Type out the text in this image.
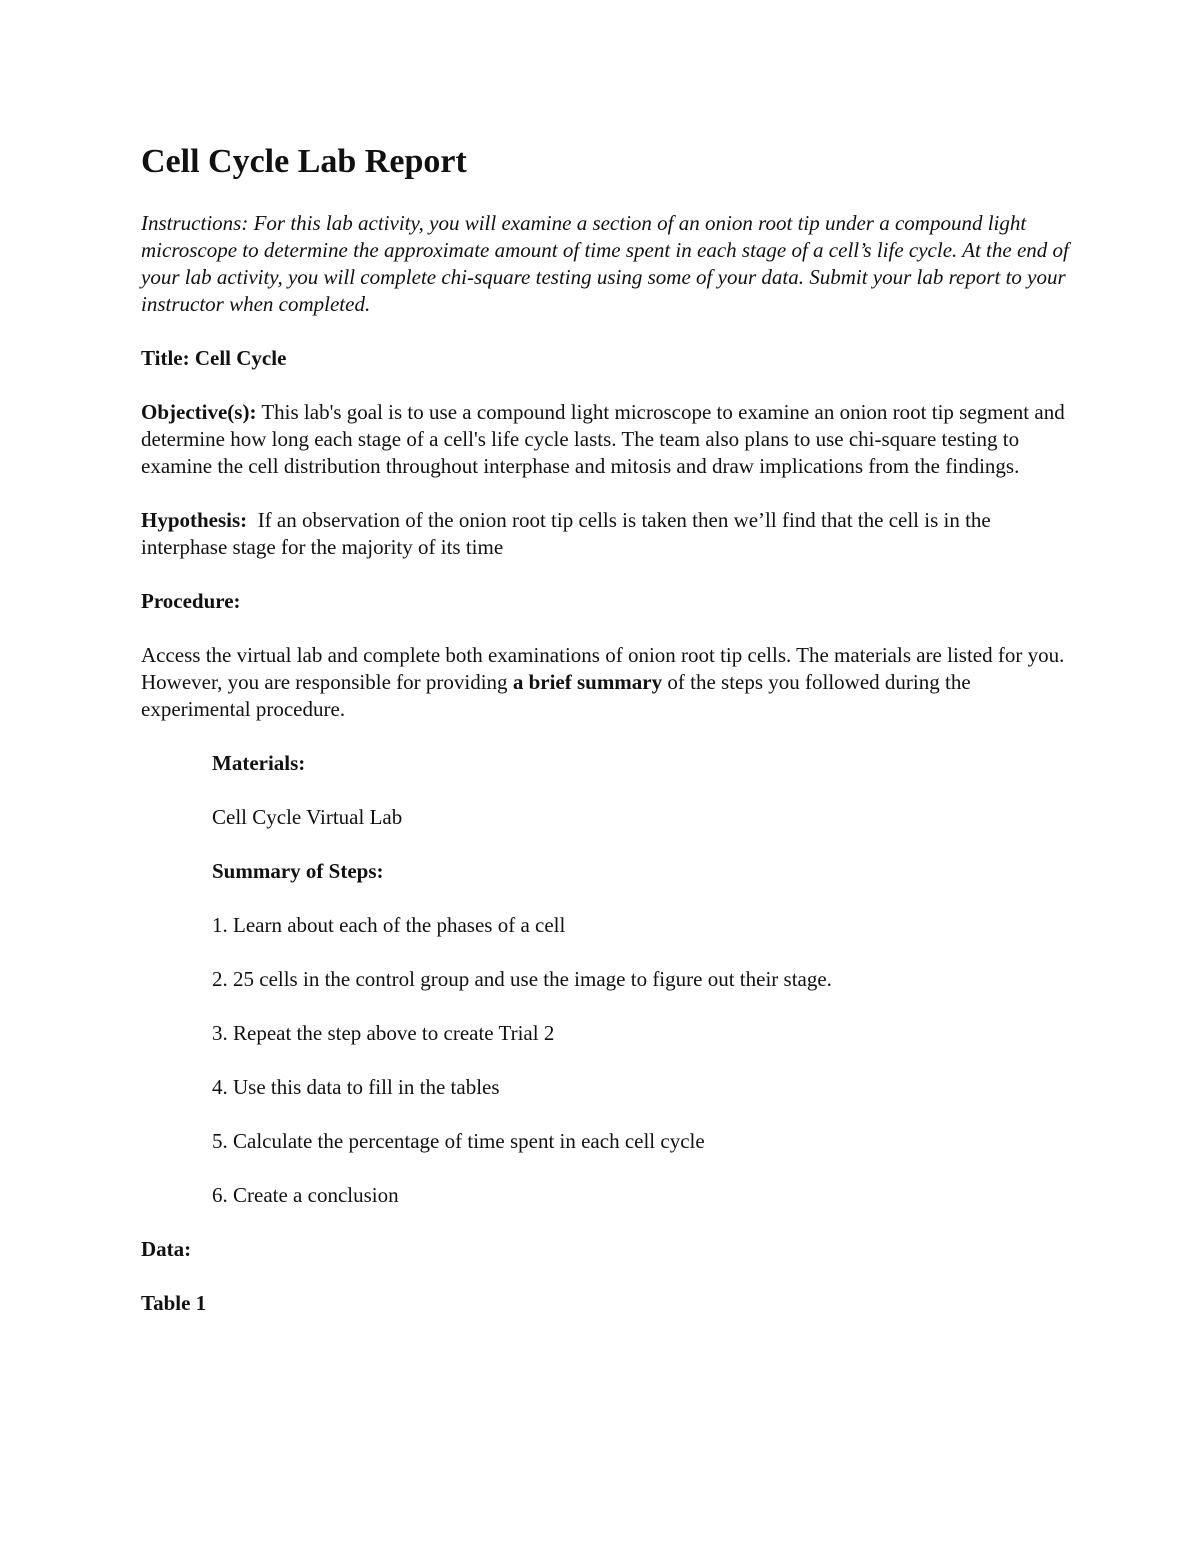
Cell Cycle Lab Report

Instructions: For this lab activity, you will examine a section of an onion root tip under a compound light microscope to determine the approximate amount of time spent in each stage of a cell’s life cycle. At the end of your lab activity, you will complete chi-square testing using some of your data. Submit your lab report to your instructor when completed.

Title: Cell Cycle

Objective(s): This lab's goal is to use a compound light microscope to examine an onion root tip segment and determine how long each stage of a cell's life cycle lasts. The team also plans to use chi-square testing to examine the cell distribution throughout interphase and mitosis and draw implications from the findings.

Hypothesis: If an observation of the onion root tip cells is taken then we’ll find that the cell is in the interphase stage for the majority of its time

Procedure:

Access the virtual lab and complete both examinations of onion root tip cells. The materials are listed for you. However, you are responsible for providing a brief summary of the steps you followed during the experimental procedure.

Materials:

Cell Cycle Virtual Lab

Summary of Steps:

1. Learn about each of the phases of a cell

2. 25 cells in the control group and use the image to figure out their stage.

3. Repeat the step above to create Trial 2

4. Use this data to fill in the tables

5. Calculate the percentage of time spent in each cell cycle

6. Create a conclusion

Data:

Table 1
